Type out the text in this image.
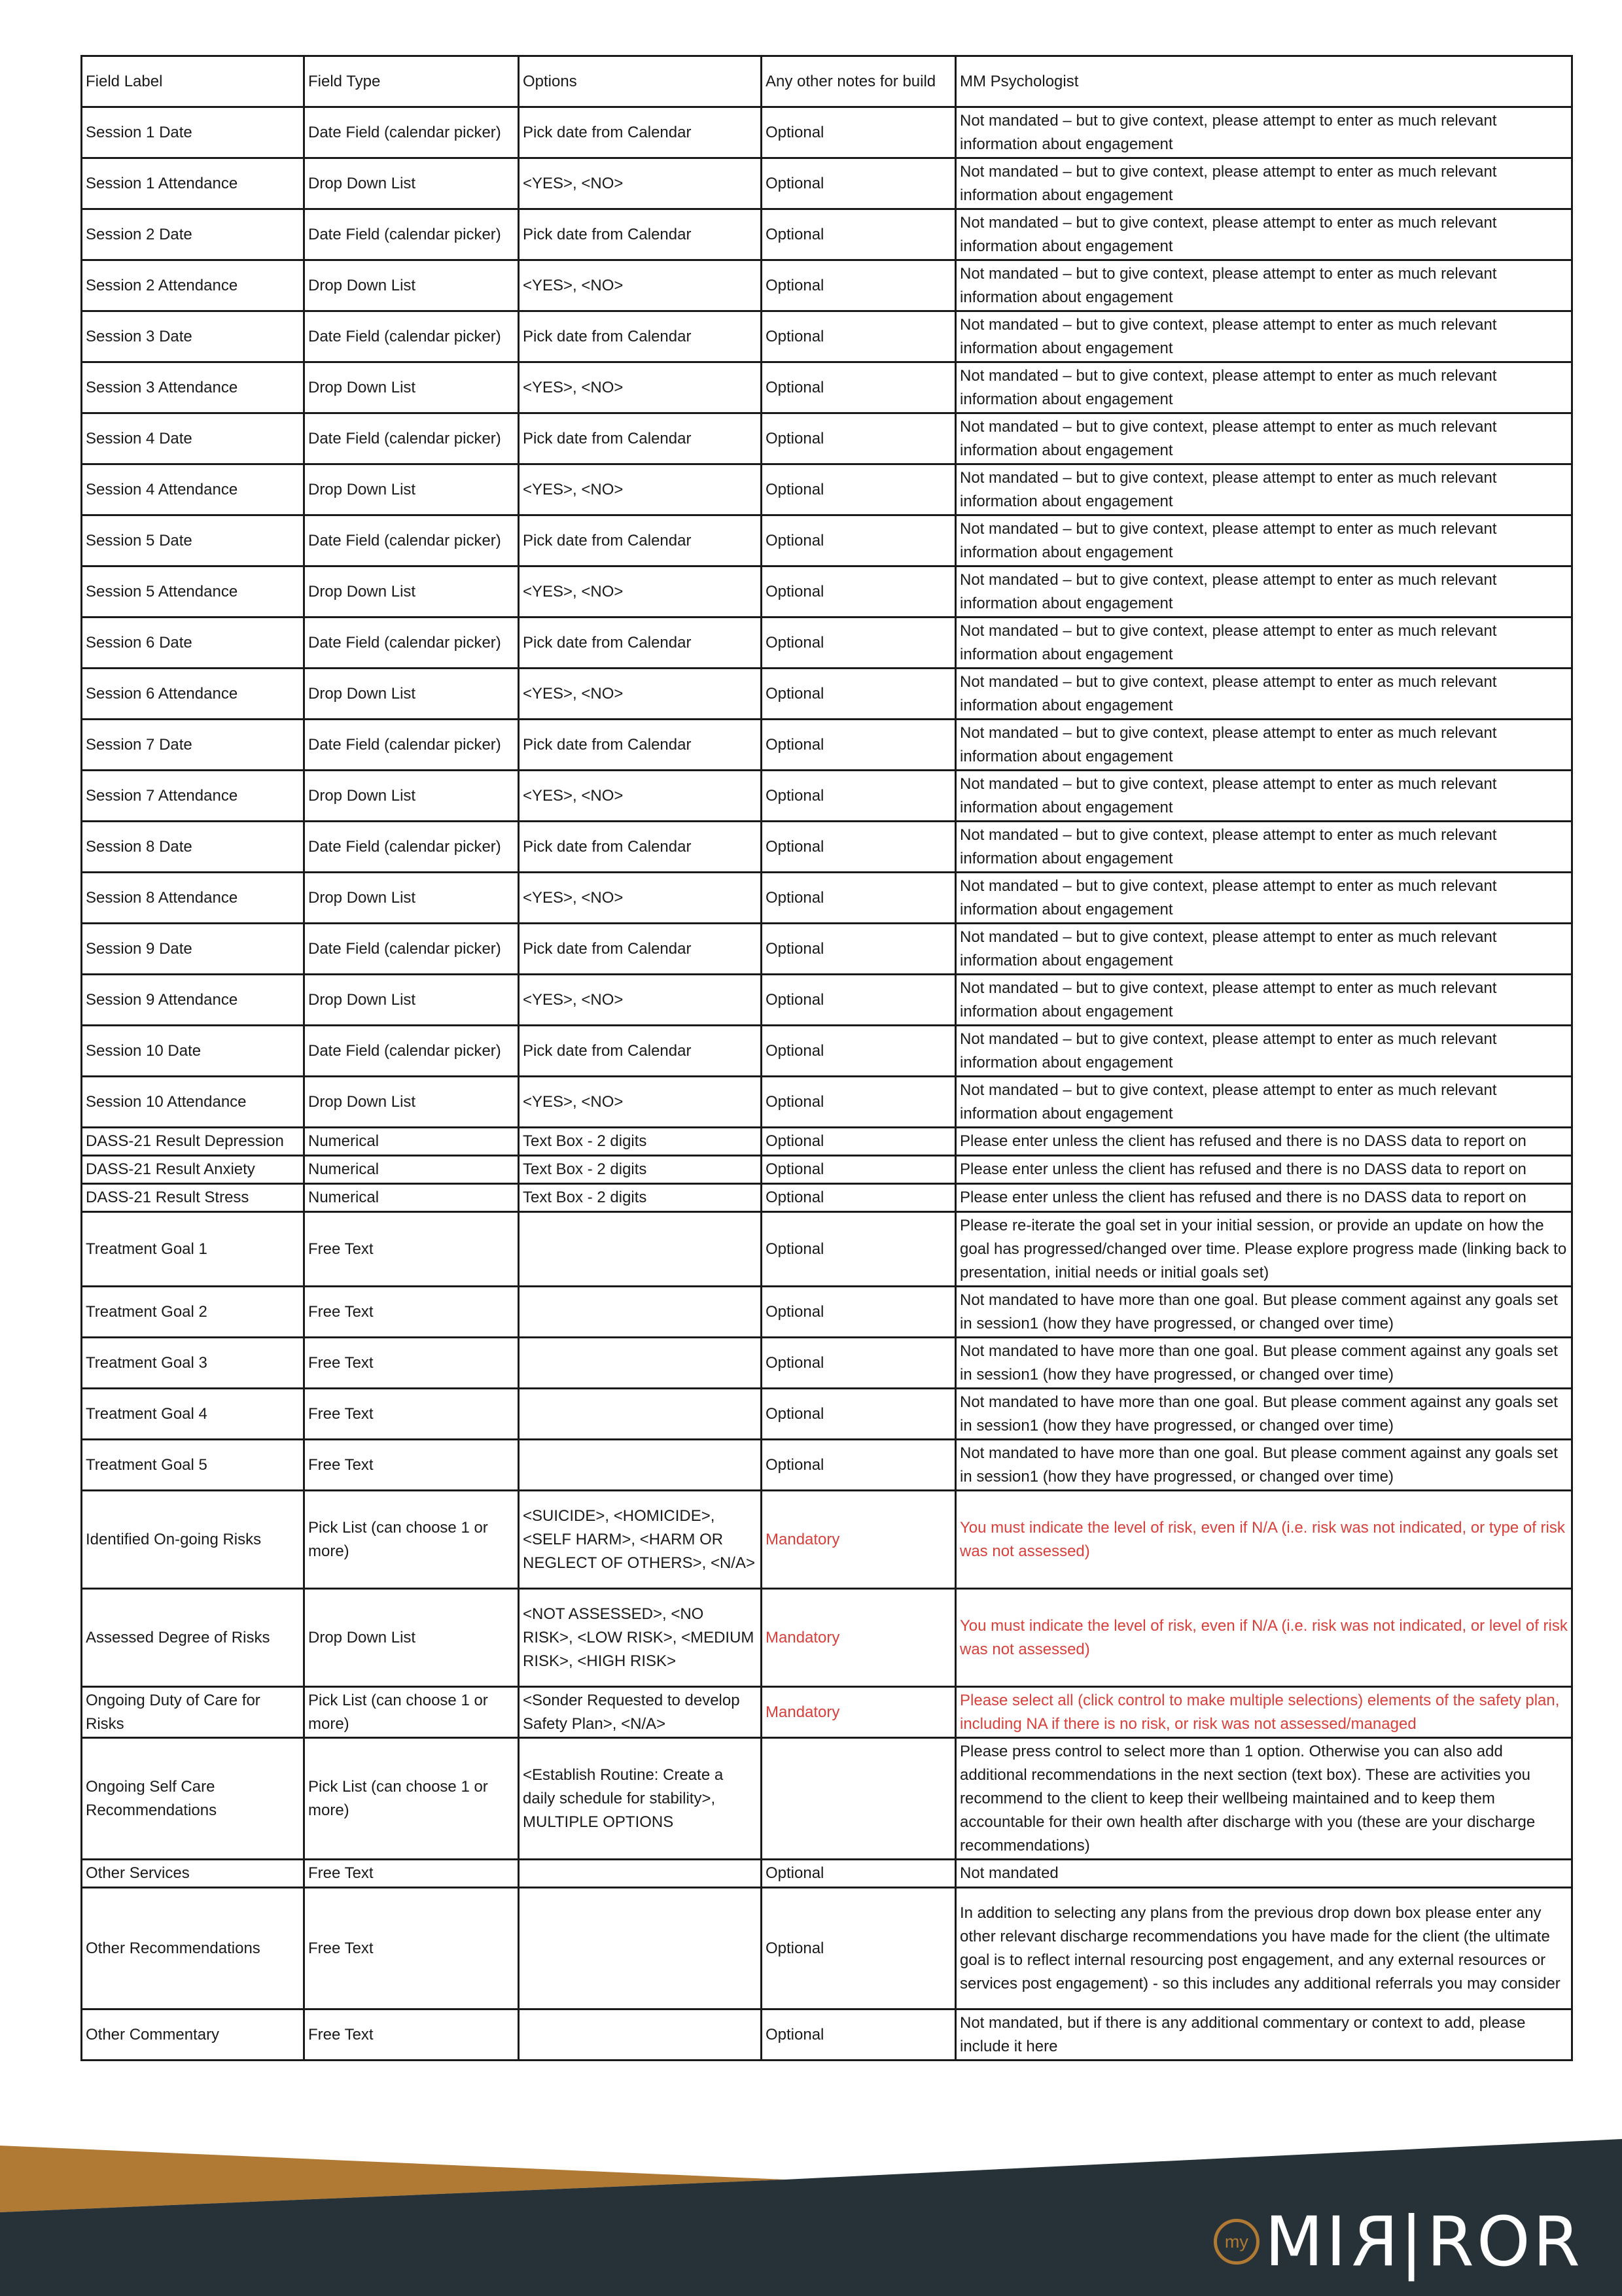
Field Label	Field Type	Options	Any other notes for build	MM Psychologist
Session 1 Date	Date Field (calendar picker)	Pick date from Calendar	Optional	Not mandated – but to give context, please attempt to enter as much relevant information about engagement
Session 1 Attendance	Drop Down List	<YES>, <NO>	Optional	Not mandated – but to give context, please attempt to enter as much relevant information about engagement
Session 2 Date	Date Field (calendar picker)	Pick date from Calendar	Optional	Not mandated – but to give context, please attempt to enter as much relevant information about engagement
Session 2 Attendance	Drop Down List	<YES>, <NO>	Optional	Not mandated – but to give context, please attempt to enter as much relevant information about engagement
Session 3 Date	Date Field (calendar picker)	Pick date from Calendar	Optional	Not mandated – but to give context, please attempt to enter as much relevant information about engagement
Session 3 Attendance	Drop Down List	<YES>, <NO>	Optional	Not mandated – but to give context, please attempt to enter as much relevant information about engagement
Session 4 Date	Date Field (calendar picker)	Pick date from Calendar	Optional	Not mandated – but to give context, please attempt to enter as much relevant information about engagement
Session 4 Attendance	Drop Down List	<YES>, <NO>	Optional	Not mandated – but to give context, please attempt to enter as much relevant information about engagement
Session 5 Date	Date Field (calendar picker)	Pick date from Calendar	Optional	Not mandated – but to give context, please attempt to enter as much relevant information about engagement
Session 5 Attendance	Drop Down List	<YES>, <NO>	Optional	Not mandated – but to give context, please attempt to enter as much relevant information about engagement
Session 6 Date	Date Field (calendar picker)	Pick date from Calendar	Optional	Not mandated – but to give context, please attempt to enter as much relevant information about engagement
Session 6 Attendance	Drop Down List	<YES>, <NO>	Optional	Not mandated – but to give context, please attempt to enter as much relevant information about engagement
Session 7 Date	Date Field (calendar picker)	Pick date from Calendar	Optional	Not mandated – but to give context, please attempt to enter as much relevant information about engagement
Session 7 Attendance	Drop Down List	<YES>, <NO>	Optional	Not mandated – but to give context, please attempt to enter as much relevant information about engagement
Session 8 Date	Date Field (calendar picker)	Pick date from Calendar	Optional	Not mandated – but to give context, please attempt to enter as much relevant information about engagement
Session 8 Attendance	Drop Down List	<YES>, <NO>	Optional	Not mandated – but to give context, please attempt to enter as much relevant information about engagement
Session 9 Date	Date Field (calendar picker)	Pick date from Calendar	Optional	Not mandated – but to give context, please attempt to enter as much relevant information about engagement
Session 9 Attendance	Drop Down List	<YES>, <NO>	Optional	Not mandated – but to give context, please attempt to enter as much relevant information about engagement
Session 10 Date	Date Field (calendar picker)	Pick date from Calendar	Optional	Not mandated – but to give context, please attempt to enter as much relevant information about engagement
Session 10 Attendance	Drop Down List	<YES>, <NO>	Optional	Not mandated – but to give context, please attempt to enter as much relevant information about engagement
DASS-21 Result Depression	Numerical	Text Box - 2 digits	Optional	Please enter unless the client has refused and there is no DASS data to report on
DASS-21 Result Anxiety	Numerical	Text Box - 2 digits	Optional	Please enter unless the client has refused and there is no DASS data to report on
DASS-21 Result Stress	Numerical	Text Box - 2 digits	Optional	Please enter unless the client has refused and there is no DASS data to report on
Treatment Goal 1	Free Text		Optional	Please re-iterate the goal set in your initial session, or provide an update on how the goal has progressed/changed over time. Please explore progress made (linking back to presentation, initial needs or initial goals set)
Treatment Goal 2	Free Text		Optional	Not mandated to have more than one goal. But please comment against any goals set in session1 (how they have progressed, or changed over time)
Treatment Goal 3	Free Text		Optional	Not mandated to have more than one goal. But please comment against any goals set in session1 (how they have progressed, or changed over time)
Treatment Goal 4	Free Text		Optional	Not mandated to have more than one goal. But please comment against any goals set in session1 (how they have progressed, or changed over time)
Treatment Goal 5	Free Text		Optional	Not mandated to have more than one goal. But please comment against any goals set in session1 (how they have progressed, or changed over time)
Identified On-going Risks	Pick List (can choose 1 or more)	<SUICIDE>, <HOMICIDE>, <SELF HARM>, <HARM OR NEGLECT OF OTHERS>, <N/A>	Mandatory	You must indicate the level of risk, even if N/A (i.e. risk was not indicated, or type of risk was not assessed)
Assessed Degree of Risks	Drop Down List	<NOT ASSESSED>, <NO RISK>, <LOW RISK>, <MEDIUM RISK>, <HIGH RISK>	Mandatory	You must indicate the level of risk, even if N/A (i.e. risk was not indicated, or level of risk was not assessed)
Ongoing Duty of Care for Risks	Pick List (can choose 1 or more)	<Sonder Requested to develop Safety Plan>, <N/A>	Mandatory	Please select all (click control to make multiple selections) elements of the safety plan, including NA if there is no risk, or risk was not assessed/managed
Ongoing Self Care Recommendations	Pick List (can choose 1 or more)	<Establish Routine: Create a daily schedule for stability>, MULTIPLE OPTIONS		Please press control to select more than 1 option. Otherwise you can also add additional recommendations in the next section (text box). These are activities you recommend to the client to keep their wellbeing maintained and to keep them accountable for their own health after discharge with you (these are your discharge recommendations)
Other Services	Free Text		Optional	Not mandated
Other Recommendations	Free Text		Optional	In addition to selecting any plans from the previous drop down box please enter any other relevant discharge recommendations you have made for the client (the ultimate goal is to reflect internal resourcing post engagement, and any external resources or services post engagement) - so this includes any additional referrals you may consider
Other Commentary	Free Text		Optional	Not mandated, but if there is any additional commentary or context to add, please include it here
my MIR|ROR
